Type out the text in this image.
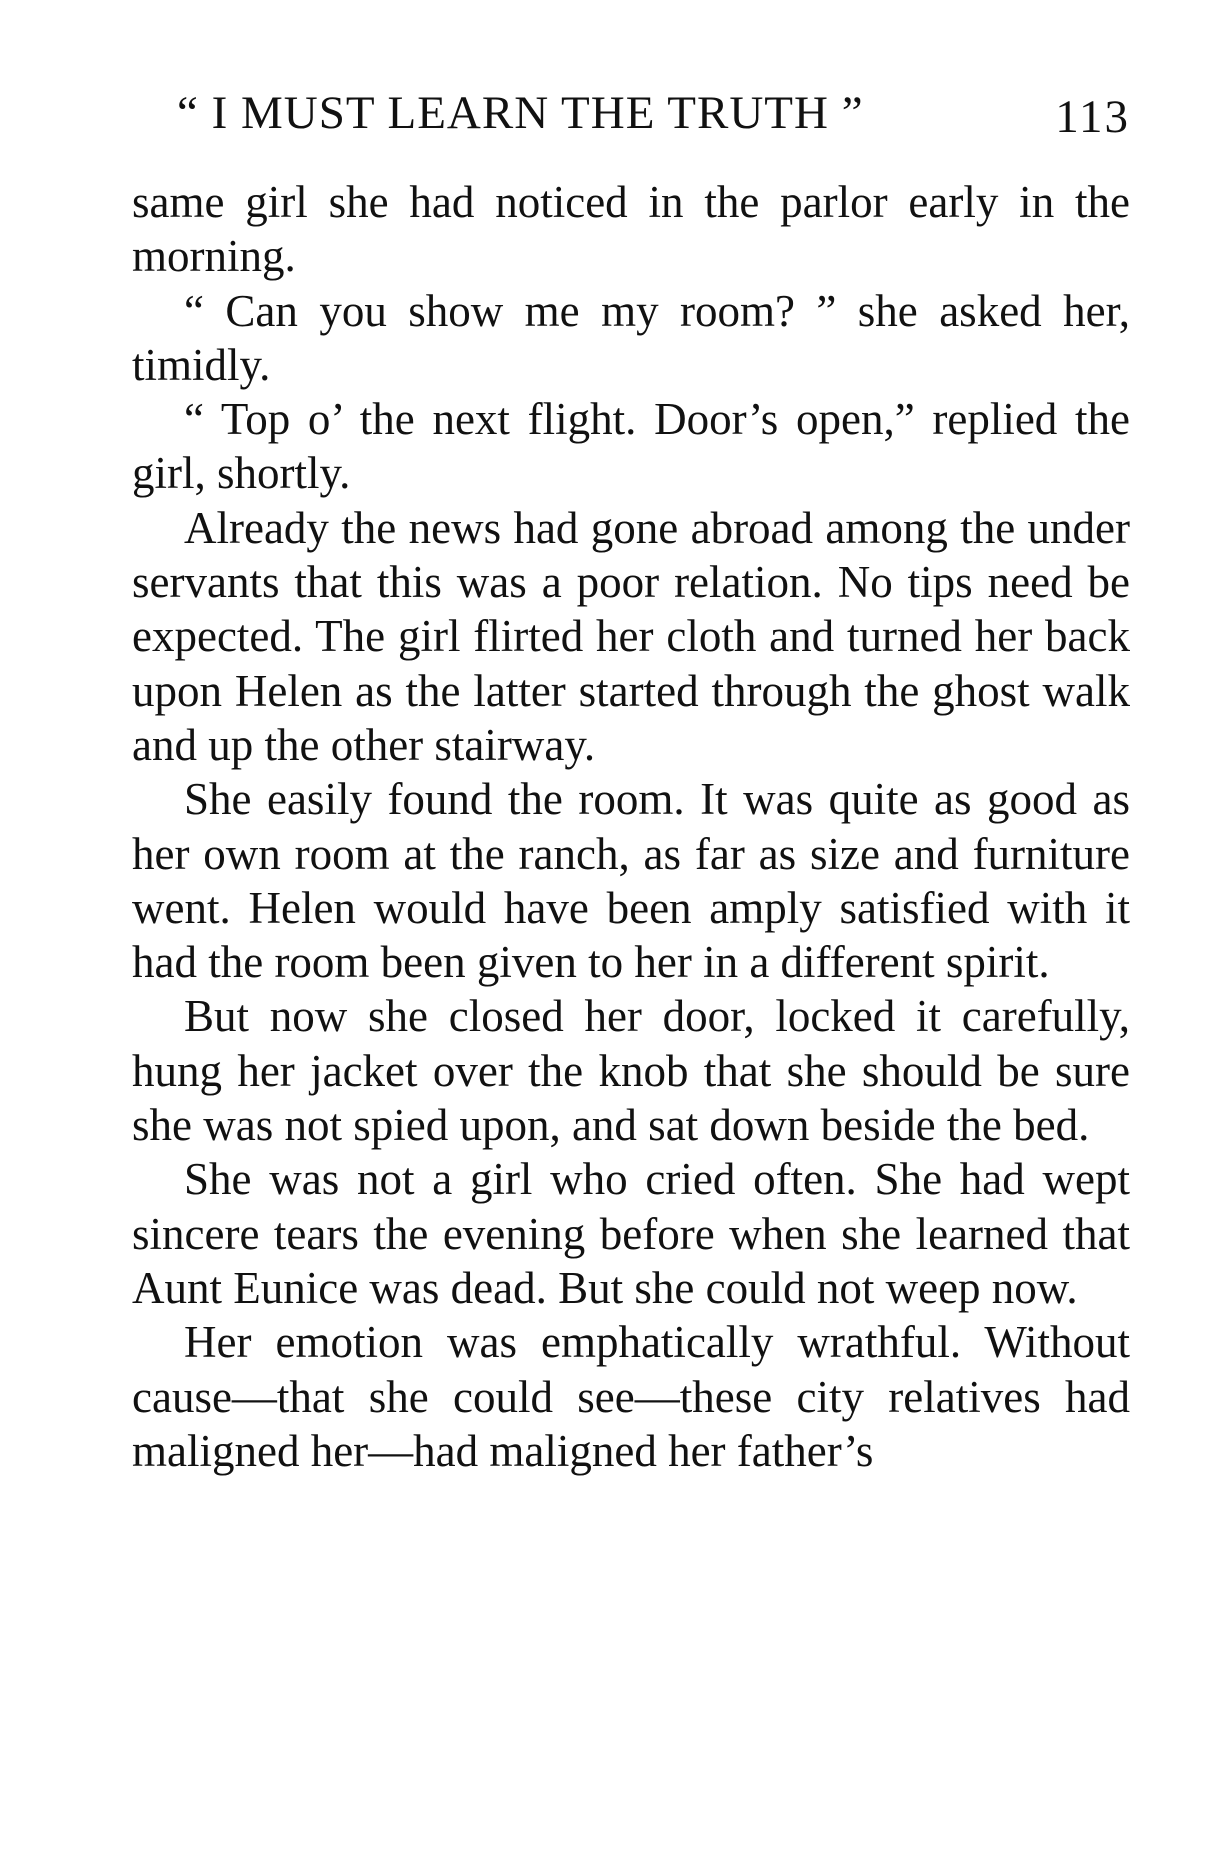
“ I MUST LEARN THE TRUTH ”	113

same girl she had noticed in the parlor early in the morning.

“ Can you show me my room? ” she asked her, timidly.

“ Top o’ the next flight. Door’s open,” replied the girl, shortly.

Already the news had gone abroad among the under servants that this was a poor relation. No tips need be expected. The girl flirted her cloth and turned her back upon Helen as the latter started through the ghost walk and up the other stairway.

She easily found the room. It was quite as good as her own room at the ranch, as far as size and furniture went. Helen would have been amply satisfied with it had the room been given to her in a different spirit.

But now she closed her door, locked it carefully, hung her jacket over the knob that she should be sure she was not spied upon, and sat down beside the bed.

She was not a girl who cried often. She had wept sincere tears the evening before when she learned that Aunt Eunice was dead. But she could not weep now.

Her emotion was emphatically wrathful. Without cause—that she could see—these city relatives had maligned her—had maligned her father’s
